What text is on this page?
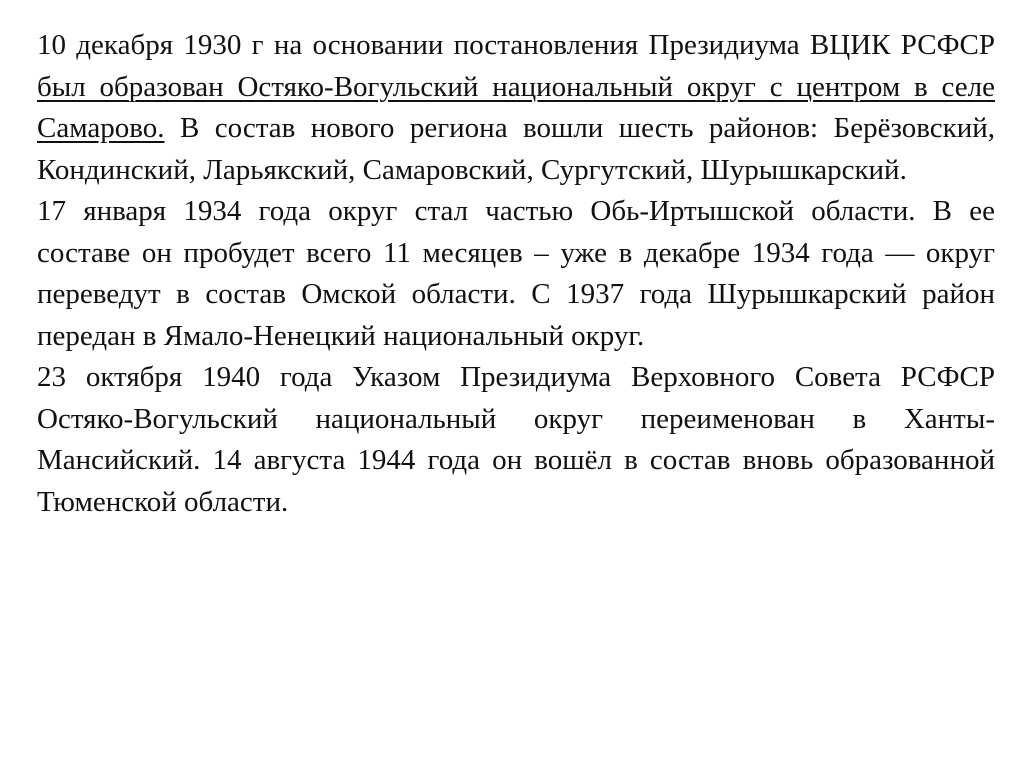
10 декабря 1930 г на основании постановления Президиума ВЦИК РСФСР был образован Остяко-Вогульский национальный округ с центром в селе Самарово. В состав нового региона вошли шесть районов: Берёзовский, Кондинский, Ларьякский, Самаровский, Сургутский, Шурышкарский.

17 января 1934 года округ стал частью Обь-Иртышской области. В ее составе он пробудет всего 11 месяцев – уже в декабре 1934 года — округ переведут в состав Омской области. С 1937 года Шурышкарский район передан в Ямало-Ненецкий национальный округ.

23 октября 1940 года Указом Президиума Верховного Совета РСФСР Остяко-Вогульский национальный округ переименован в Ханты-Мансийский. 14 августа 1944 года он вошёл в состав вновь образованной Тюменской области.
